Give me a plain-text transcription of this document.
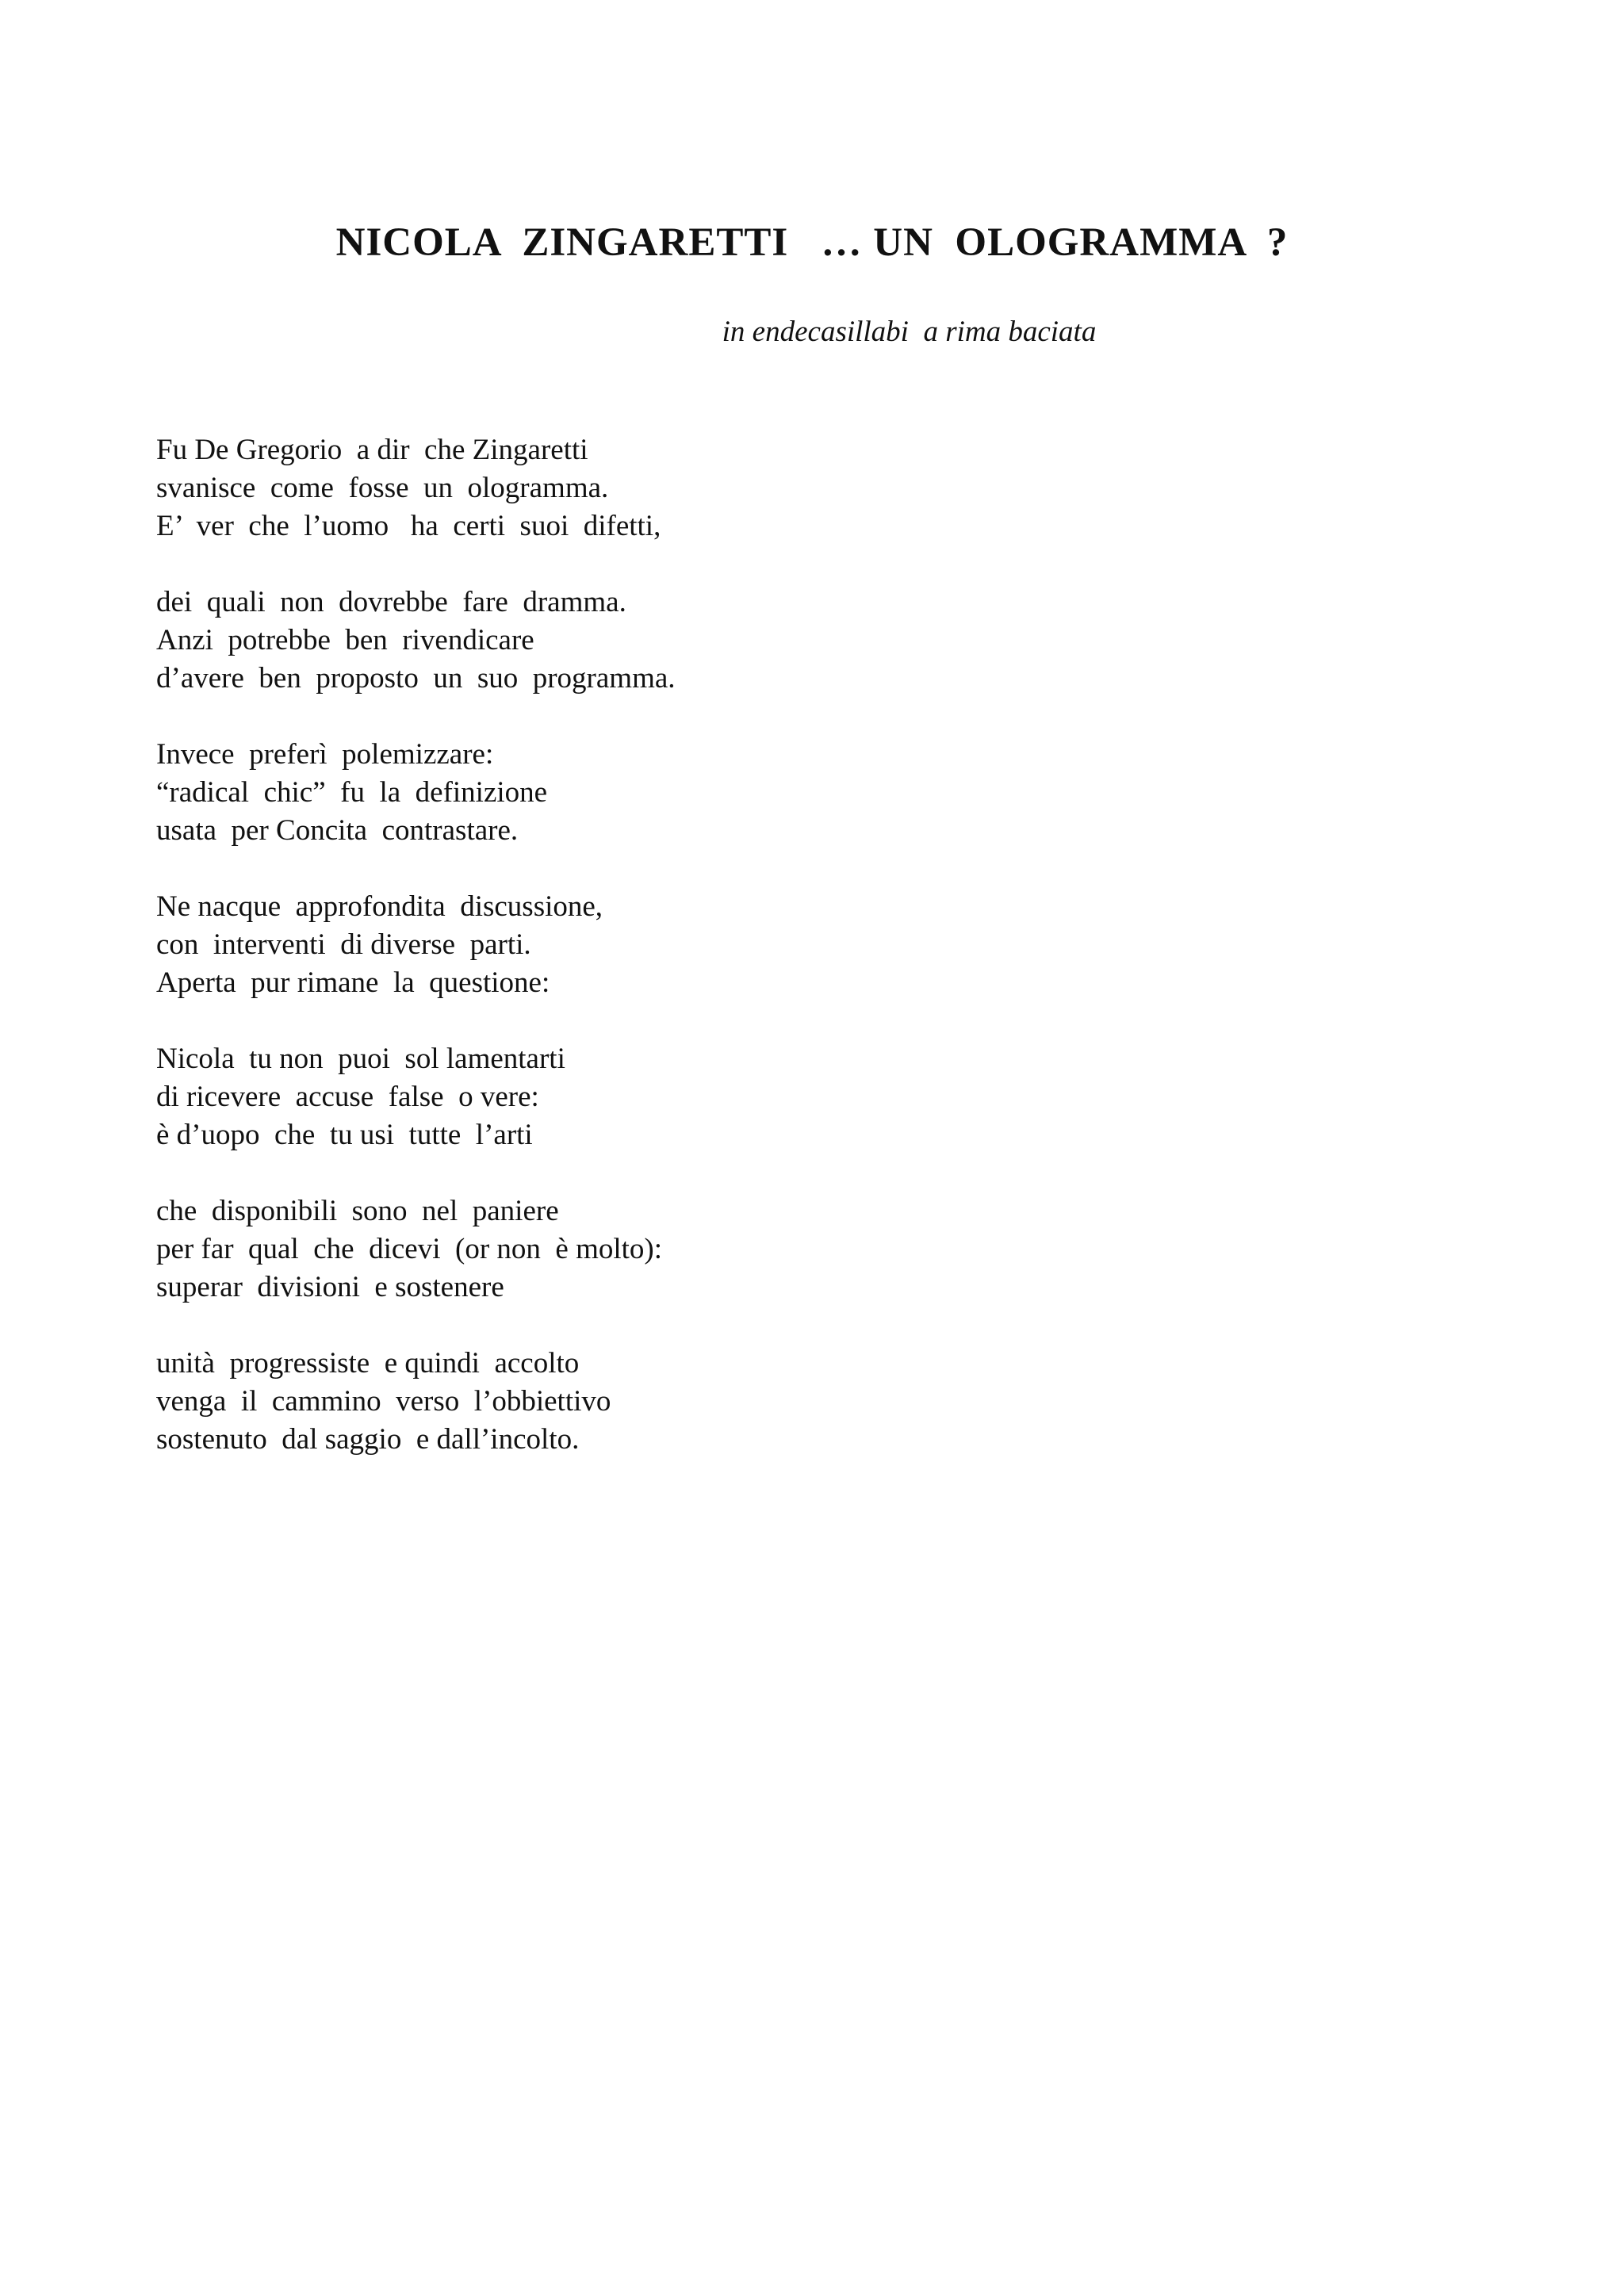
NICOLA  ZINGARETTI   … UN  OLOGRAMMA  ?

in endecasillabi  a rima baciata

Fu De Gregorio  a dir  che Zingaretti
svanisce  come  fosse  un  ologramma.
E’  ver  che  l’uomo   ha  certi  suoi  difetti,
dei  quali  non  dovrebbe  fare  dramma.
Anzi  potrebbe  ben  rivendicare
d’avere  ben  proposto  un  suo  programma.
Invece  preferì  polemizzare:
“radical  chic”  fu  la  definizione
usata  per Concita  contrastare.
Ne nacque  approfondita  discussione,
con  interventi  di diverse  parti.
Aperta  pur rimane  la  questione:
Nicola  tu non  puoi  sol lamentarti
di ricevere  accuse  false  o vere:
è d’uopo  che  tu usi  tutte  l’arti
che  disponibili  sono  nel  paniere
per far  qual  che  dicevi  (or non  è molto):
superar  divisioni  e sostenere
unità  progressiste  e quindi  accolto
venga  il  cammino  verso  l’obbiettivo
sostenuto  dal saggio  e dall’incolto.
